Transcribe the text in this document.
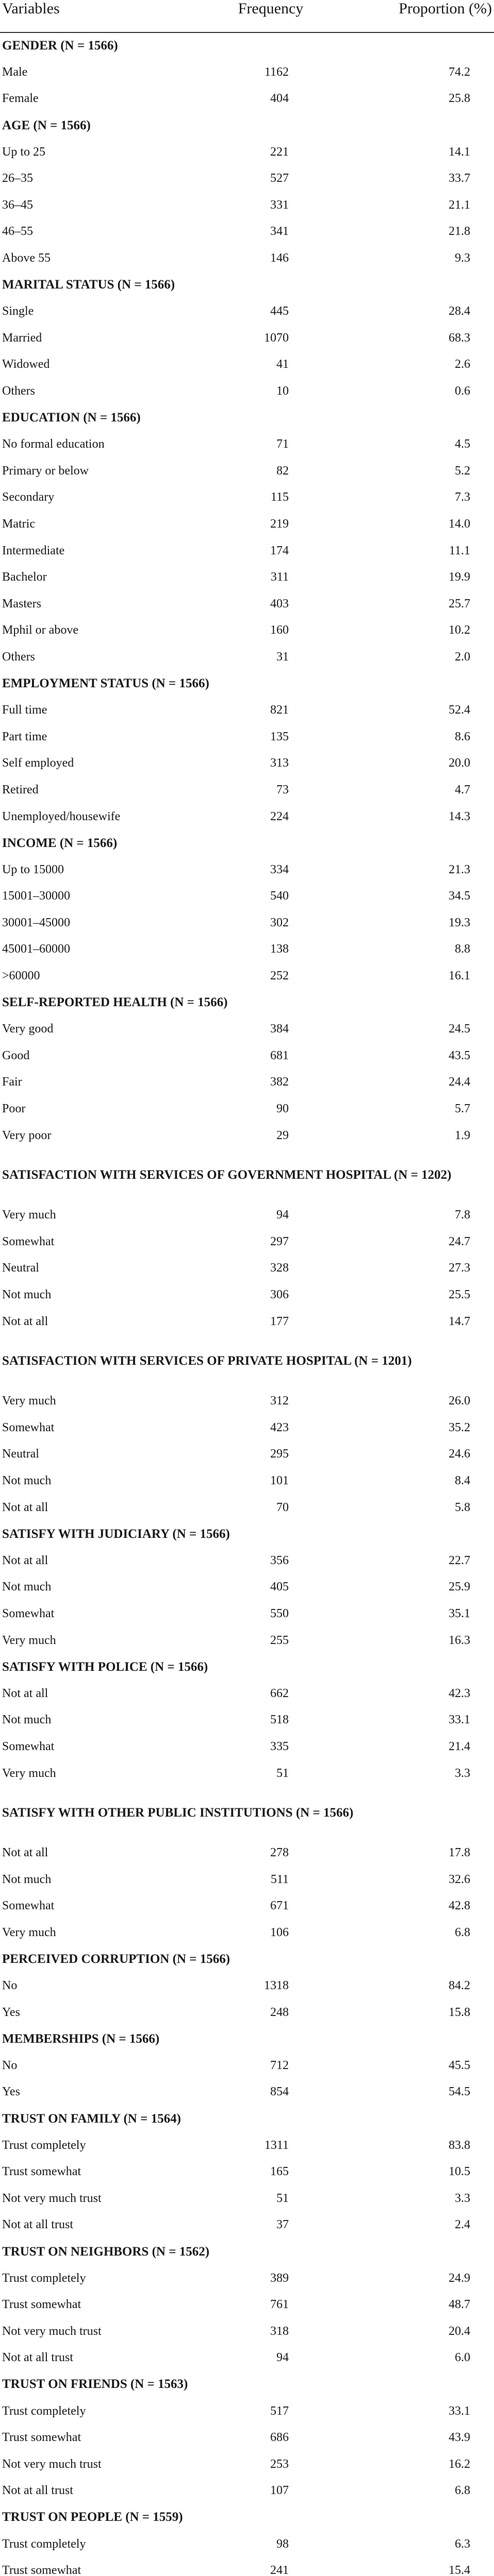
Variables	Frequency	Proportion (%)
GENDER (N = 1566)		
Male	1162	74.2
Female	404	25.8
AGE (N = 1566)		
Up to 25	221	14.1
26–35	527	33.7
36–45	331	21.1
46–55	341	21.8
Above 55	146	9.3
MARITAL STATUS (N = 1566)		
Single	445	28.4
Married	1070	68.3
Widowed	41	2.6
Others	10	0.6
EDUCATION (N = 1566)		
No formal education	71	4.5
Primary or below	82	5.2
Secondary	115	7.3
Matric	219	14.0
Intermediate	174	11.1
Bachelor	311	19.9
Masters	403	25.7
Mphil or above	160	10.2
Others	31	2.0
EMPLOYMENT STATUS (N = 1566)		
Full time	821	52.4
Part time	135	8.6
Self employed	313	20.0
Retired	73	4.7
Unemployed/housewife	224	14.3
INCOME (N = 1566)		
Up to 15000	334	21.3
15001–30000	540	34.5
30001–45000	302	19.3
45001–60000	138	8.8
>60000	252	16.1
SELF-REPORTED HEALTH (N = 1566)		
Very good	384	24.5
Good	681	43.5
Fair	382	24.4
Poor	90	5.7
Very poor	29	1.9
SATISFACTION WITH SERVICES OF GOVERNMENT HOSPITAL (N = 1202)		
Very much	94	7.8
Somewhat	297	24.7
Neutral	328	27.3
Not much	306	25.5
Not at all	177	14.7
SATISFACTION WITH SERVICES OF PRIVATE HOSPITAL (N = 1201)		
Very much	312	26.0
Somewhat	423	35.2
Neutral	295	24.6
Not much	101	8.4
Not at all	70	5.8
SATISFY WITH JUDICIARY (N = 1566)		
Not at all	356	22.7
Not much	405	25.9
Somewhat	550	35.1
Very much	255	16.3
SATISFY WITH POLICE (N = 1566)		
Not at all	662	42.3
Not much	518	33.1
Somewhat	335	21.4
Very much	51	3.3
SATISFY WITH OTHER PUBLIC INSTITUTIONS (N = 1566)		
Not at all	278	17.8
Not much	511	32.6
Somewhat	671	42.8
Very much	106	6.8
PERCEIVED CORRUPTION (N = 1566)		
No	1318	84.2
Yes	248	15.8
MEMBERSHIPS (N = 1566)		
No	712	45.5
Yes	854	54.5
TRUST ON FAMILY (N = 1564)		
Trust completely	1311	83.8
Trust somewhat	165	10.5
Not very much trust	51	3.3
Not at all trust	37	2.4
TRUST ON NEIGHBORS (N = 1562)		
Trust completely	389	24.9
Trust somewhat	761	48.7
Not very much trust	318	20.4
Not at all trust	94	6.0
TRUST ON FRIENDS (N = 1563)		
Trust completely	517	33.1
Trust somewhat	686	43.9
Not very much trust	253	16.2
Not at all trust	107	6.8
TRUST ON PEOPLE (N = 1559)		
Trust completely	98	6.3
Trust somewhat	241	15.4
